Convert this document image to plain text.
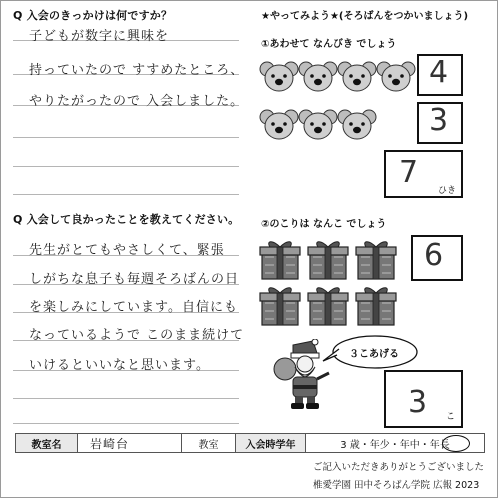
Q 入会のきっかけは何ですか？
子どもが数字に興味を
持っていたので すすめたところ、
やりたがったので 入会しました。
Q 入会して良かったことを教えてください。
先生がとてもやさしくて、緊張
しがちな息子も毎週そろばんの日
を楽しみにしています。自信にも
なっているようで このまま続けて
いけるといいなと思います。
★やってみよう★(そろばんをつかいましょう)
①あわせて なんびき でしょう
4
3
7
ひき
②のこりは なんこ でしょう
6
３こあげる
3 こ
教室名	岩崎台	教室	入会時学年	3 歳・年少・年中・年長
ご記入いただきありがとうございました
椎愛学園 田中そろばん学院 広報 2023
